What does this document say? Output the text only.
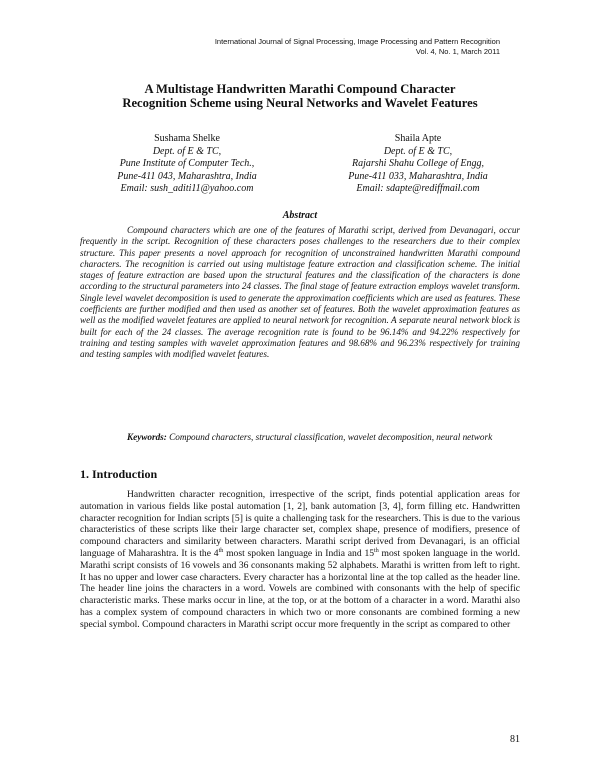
International Journal of Signal Processing, Image Processing and Pattern Recognition
Vol. 4, No. 1, March 2011
A Multistage Handwritten Marathi Compound Character
Recognition Scheme using Neural Networks and Wavelet Features
Sushama Shelke
Dept. of E & TC,
Pune Institute of Computer Tech.,
Pune-411 043, Maharashtra, India
Email: sush_aditi11@yahoo.com
Shaila Apte
Dept. of E & TC,
Rajarshi Shahu College of Engg,
Pune-411 033, Maharashtra, India
Email: sdapte@rediffmail.com
Abstract
Compound characters which are one of the features of Marathi script, derived from Devanagari, occur frequently in the script. Recognition of these characters poses challenges to the researchers due to their complex structure. This paper presents a novel approach for recognition of unconstrained handwritten Marathi compound characters. The recognition is carried out using multistage feature extraction and classification scheme. The initial stages of feature extraction are based upon the structural features and the classification of the characters is done according to the structural parameters into 24 classes. The final stage of feature extraction employs wavelet transform. Single level wavelet decomposition is used to generate the approximation coefficients which are used as features. These coefficients are further modified and then used as another set of features. Both the wavelet approximation features as well as the modified wavelet features are applied to neural network for recognition. A separate neural network block is built for each of the 24 classes. The average recognition rate is found to be 96.14% and 94.22% respectively for training and testing samples with wavelet approximation features and 98.68% and 96.23% respectively for training and testing samples with modified wavelet features.
Keywords: Compound characters, structural classification, wavelet decomposition, neural network
1. Introduction
Handwritten character recognition, irrespective of the script, finds potential application areas for automation in various fields like postal automation [1, 2], bank automation [3, 4], form filling etc. Handwritten character recognition for Indian scripts [5] is quite a challenging task for the researchers. This is due to the various characteristics of these scripts like their large character set, complex shape, presence of modifiers, presence of compound characters and similarity between characters. Marathi script derived from Devanagari, is an official language of Maharashtra. It is the 4th most spoken language in India and 15th most spoken language in the world. Marathi script consists of 16 vowels and 36 consonants making 52 alphabets. Marathi is written from left to right. It has no upper and lower case characters. Every character has a horizontal line at the top called as the header line. The header line joins the characters in a word. Vowels are combined with consonants with the help of specific characteristic marks. These marks occur in line, at the top, or at the bottom of a character in a word. Marathi also has a complex system of compound characters in which two or more consonants are combined forming a new special symbol. Compound characters in Marathi script occur more frequently in the script as compared to other
81
